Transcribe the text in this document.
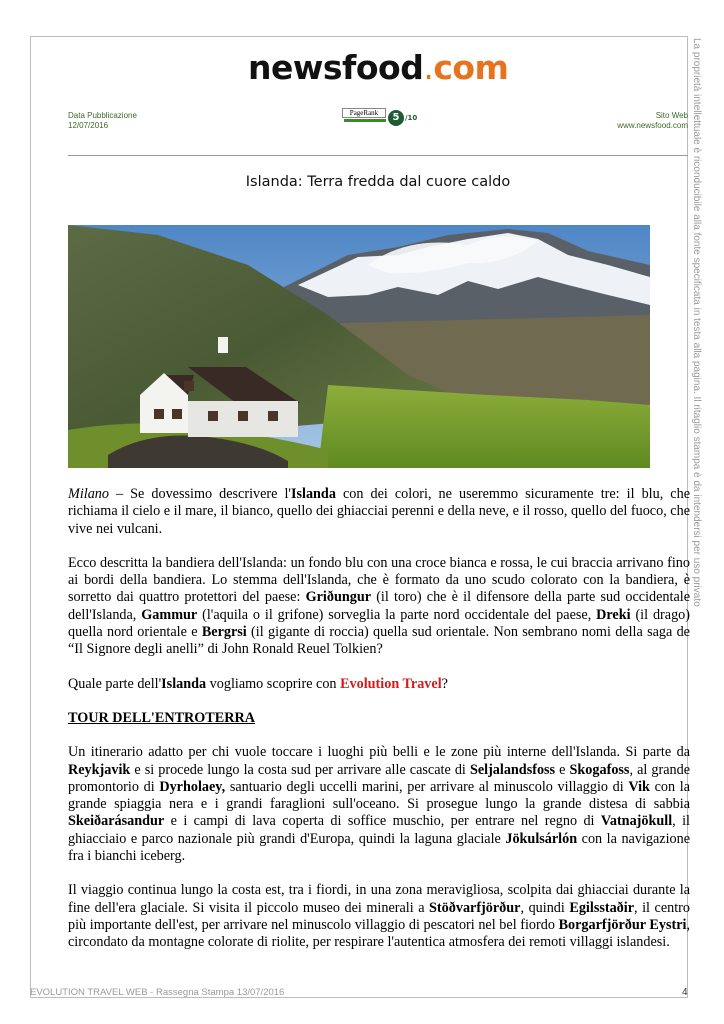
newsfood.com
Data Pubblicazione
12/07/2016
PageRank	5 /10	Sito Web
www.newsfood.com
Islanda: Terra fredda dal cuore caldo	La proprietà intellettuale è riconducibile alla fonte specificata in testa alla pagina. Il ritaglio stampa è da intendersi per uso privato

Milano – Se dovessimo descrivere l'Islanda con dei colori, ne useremmo sicuramente tre: il blu, che richiama il cielo e il mare, il bianco, quello dei ghiacciai perenni e della neve, e il rosso, quello del fuoco, che vive nei vulcani.

Ecco descritta la bandiera dell'Islanda: un fondo blu con una croce bianca e rossa, le cui braccia arrivano fino ai bordi della bandiera. Lo stemma dell'Islanda, che è formato da uno scudo colorato con la bandiera, è sorretto dai quattro protettori del paese: Griðungur (il toro) che è il difensore della parte sud occidentale dell'Islanda, Gammur (l'aquila o il grifone) sorveglia la parte nord occidentale del paese, Dreki (il drago) quella nord orientale e Bergrsi (il gigante di roccia) quella sud orientale. Non sembrano nomi della saga de “Il Signore degli anelli” di John Ronald Reuel Tolkien?

Quale parte dell'Islanda vogliamo scoprire con Evolution Travel?

TOUR DELL'ENTROTERRA

Un itinerario adatto per chi vuole toccare i luoghi più belli e le zone più interne dell'Islanda. Si parte da Reykjavik e si procede lungo la costa sud per arrivare alle cascate di Seljalandsfoss e Skogafoss, al grande promontorio di Dyrholaey, santuario degli uccelli marini, per arrivare al minuscolo villaggio di Vik con la grande spiaggia nera e i grandi faraglioni sull'oceano. Si prosegue lungo la grande distesa di sabbia Skeiðarásandur e i campi di lava coperta di soffice muschio, per entrare nel regno di Vatnajökull, il ghiacciaio e parco nazionale più grandi d'Europa, quindi la laguna glaciale Jökulsárlón con la navigazione fra i bianchi iceberg.

Il viaggio continua lungo la costa est, tra i fiordi, in una zona meravigliosa, scolpita dai ghiacciai durante la fine dell'era glaciale. Si visita il piccolo museo dei minerali a Stöðvarfjörður, quindi Egilsstaðir, il centro più importante dell'est, per arrivare nel minuscolo villaggio di pescatori nel bel fiordo Borgarfjörður Eystri, circondato da montagne colorate di riolite, per respirare l'autentica atmosfera dei remoti villaggi islandesi.

EVOLUTION TRAVEL WEB - Rassegna Stampa 13/07/2016	4
